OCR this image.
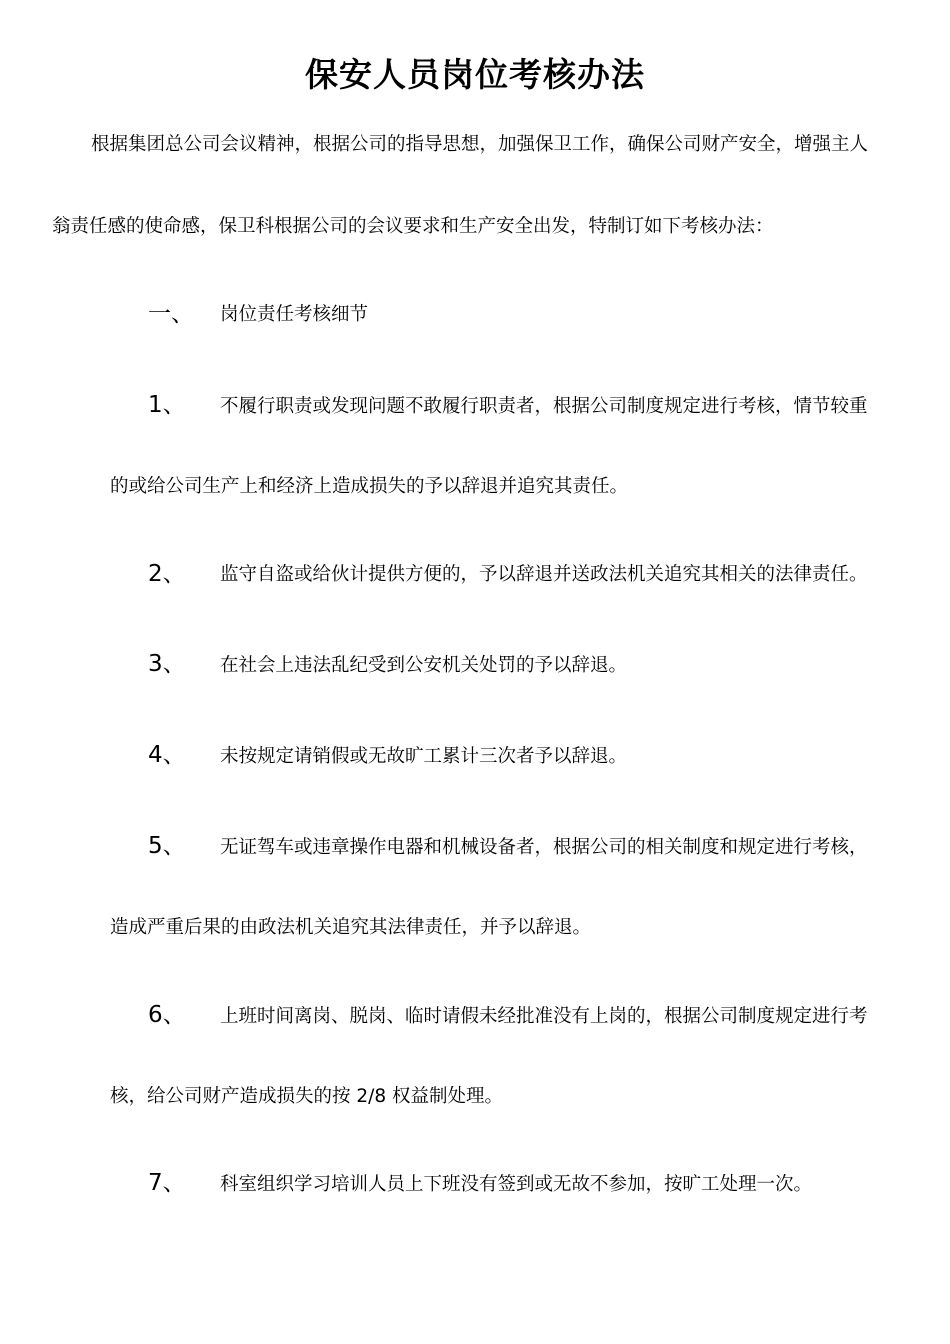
保安人员岗位考核办法
根据集团总公司会议精神，根据公司的指导思想，加强保卫工作，确保公司财产安全，增强主人
翁责任感的使命感，保卫科根据公司的会议要求和生产安全出发，特制订如下考核办法：
一、 岗位责任考核细节
1、 不履行职责或发现问题不敢履行职责者，根据公司制度规定进行考核，情节较重
的或给公司生产上和经济上造成损失的予以辞退并追究其责任。
2、 监守自盗或给伙计提供方便的，予以辞退并送政法机关追究其相关的法律责任。
3、 在社会上违法乱纪受到公安机关处罚的予以辞退。
4、 未按规定请销假或无故旷工累计三次者予以辞退。
5、 无证驾车或违章操作电器和机械设备者，根据公司的相关制度和规定进行考核，
造成严重后果的由政法机关追究其法律责任，并予以辞退。
6、 上班时间离岗、脱岗、临时请假未经批准没有上岗的，根据公司制度规定进行考
核，给公司财产造成损失的按 2/8 权益制处理。
7、 科室组织学习培训人员上下班没有签到或无故不参加，按旷工处理一次。
